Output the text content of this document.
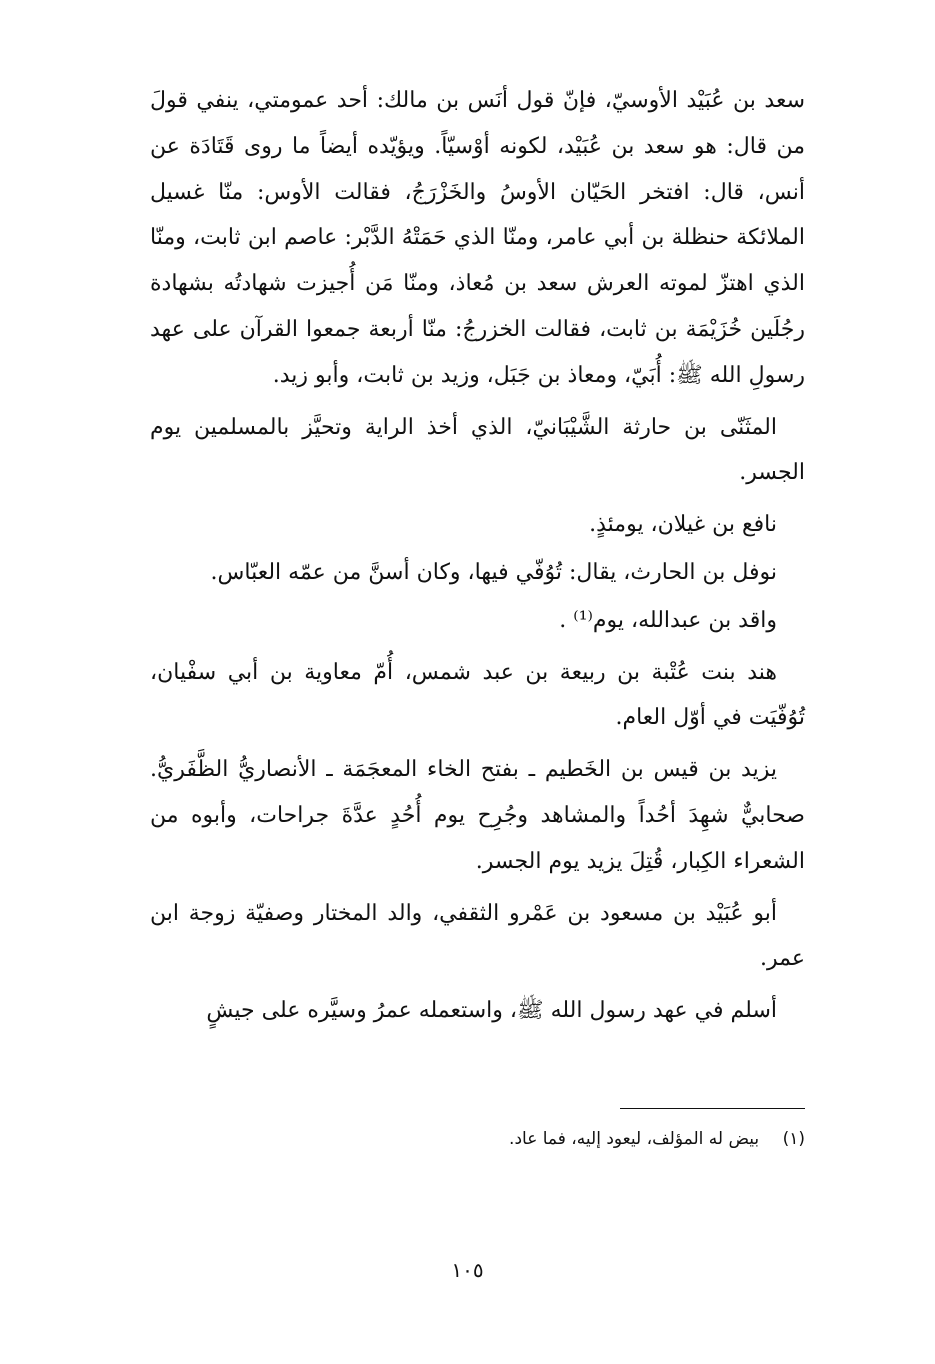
سعد بن عُبَيْد الأوسيّ، فإنّ قول أنَس بن مالك: أحد عمومتي، ينفي قولَ من قال: هو سعد بن عُبَيْد، لكونه أوْسيّاً. ويؤيّده أيضاً ما روى قَتَادَة عن أنس، قال: افتخر الحَيّان الأوسُ والخَزْرَجُ، فقالت الأوس: منّا غسيل الملائكة حنظلة بن أبي عامر، ومنّا الذي حَمَتْهُ الدَّبْر: عاصم ابن ثابت، ومنّا الذي اهتزّ لموته العرش سعد بن مُعاذ، ومنّا مَن أُجيزت شهادتُه بشهادة رجُلَين خُزَيْمَة بن ثابت، فقالت الخزرجُ: منّا أربعة جمعوا القرآن على عهد رسولِ الله ﷺ: أُبَيّ، ومعاذ بن جَبَل، وزيد بن ثابت، وأبو زيد.

المثَنّى بن حارثة الشَّيْبَانيّ، الذي أخذ الراية وتحيَّز بالمسلمين يوم الجسر.

نافع بن غيلان، يومئذٍ.

نوفل بن الحارث، يقال: تُوُفّي فيها، وكان أسنَّ من عمّه العبّاس.

واقد بن عبدالله، يوم⁽¹⁾ .

هند بنت عُتْبة بن ربيعة بن عبد شمس، أُمّ معاوية بن أبي سفْيان، تُوُفّيَت في أوّل العام.

يزيد بن قيس بن الخَطيم ـ بفتح الخاء المعجَمَة ـ الأنصاريُّ الظَّفَريُّ. صحابيٌّ شهِدَ أحُداً والمشاهد وجُرِح يوم أُحُدٍ عدَّةَ جراحات، وأبوه من الشعراء الكِبار، قُتِلَ يزيد يوم الجسر.

أبو عُبَيْد بن مسعود بن عَمْرو الثقفي، والد المختار وصفيّة زوجة ابن عمر.

أسلم في عهد رسول الله ﷺ، واستعمله عمرُ وسيَّره على جيشٍ

(١) بيض له المؤلف، ليعود إليه، فما عاد.
١٠٥
